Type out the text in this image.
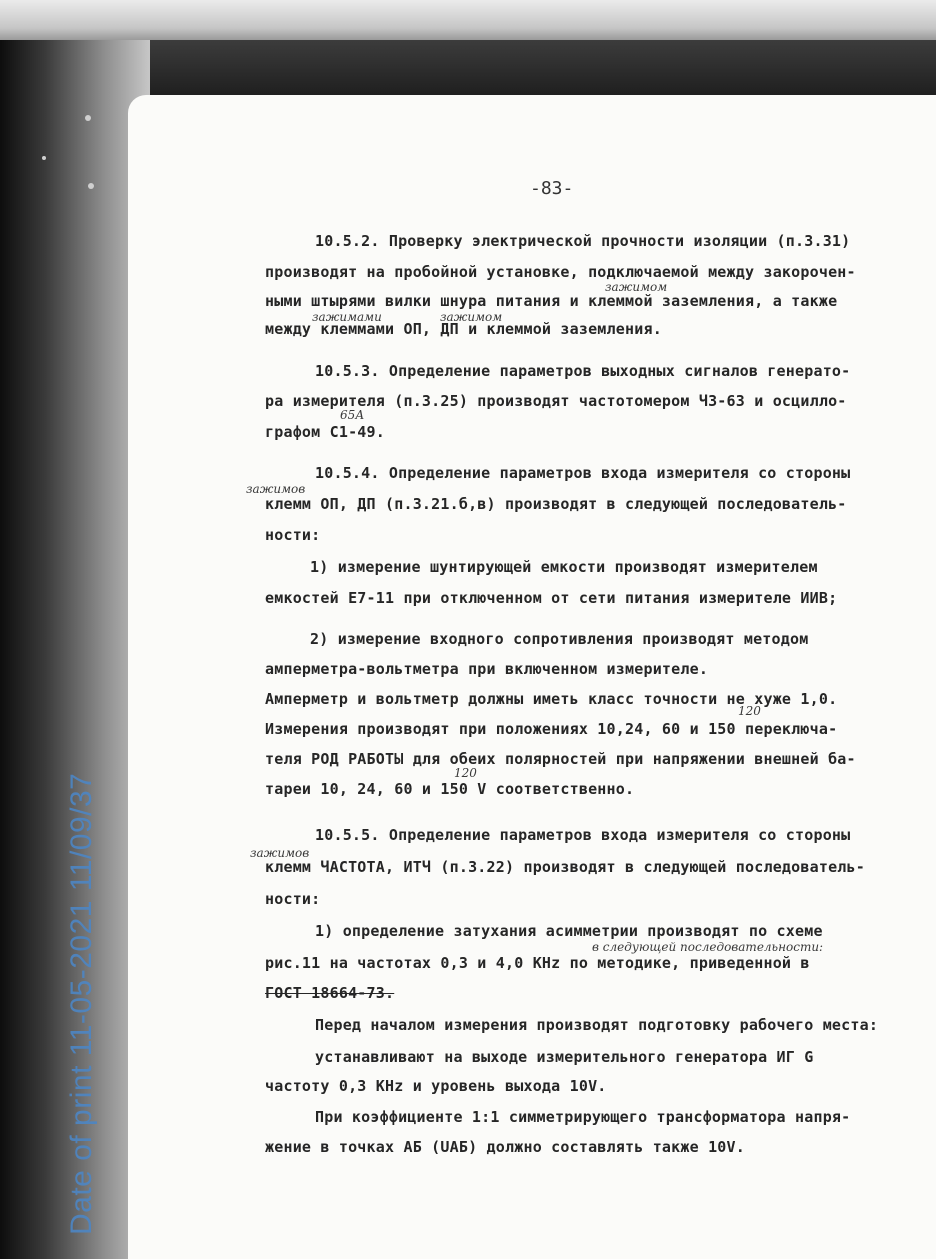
Date of print 11-05-2021 11/09/37
-83-
10.5.2. Проверку электрической прочности изоляции (п.3.31)
производят на пробойной установке, подключаемой между закорочен-
зажимом
ными штырями вилки шнура питания и клеммой заземления, а также
зажимами	зажимом
между клеммами ОП, ДП и клеммой заземления.
10.5.3. Определение параметров выходных сигналов генерато-
ра измерителя (п.3.25) производят частотомером ЧЗ-63 и осцилло-
65А
графом С1-49.
10.5.4. Определение параметров входа измерителя со стороны
зажимов
клемм ОП, ДП (п.3.21.б,в) производят в следующей последователь-
ности:
1) измерение шунтирующей емкости производят измерителем
емкостей Е7-11 при отключенном от сети питания измерителе ИИВ;
2) измерение входного сопротивления производят методом
амперметра-вольтметра при включенном измерителе.
Амперметр и вольтметр должны иметь класс точности не хуже 1,0.
120
Измерения производят при положениях 10,24, 60 и 150 переключа-
теля РОД РАБОТЫ для обеих полярностей при напряжении внешней ба-
120
тареи 10, 24, 60 и 150 V соответственно.
10.5.5. Определение параметров входа измерителя со стороны
зажимов
клемм ЧАСТОТА, ИТЧ (п.3.22) производят в следующей последователь-
ности:
1) определение затухания асимметрии производят по схеме
в следующей последовательности:
рис.11 на частотах 0,3 и 4,0 KHz по методике, приведенной в
ГОСТ 18664-73.
Перед началом измерения производят подготовку рабочего места:
устанавливают на выходе измерительного генератора ИГ G
частоту 0,3 KHz и уровень выхода 10V.
При коэффициенте 1:1 симметрирующего трансформатора напря-
жение в точках АБ (UАБ) должно составлять также 10V.
